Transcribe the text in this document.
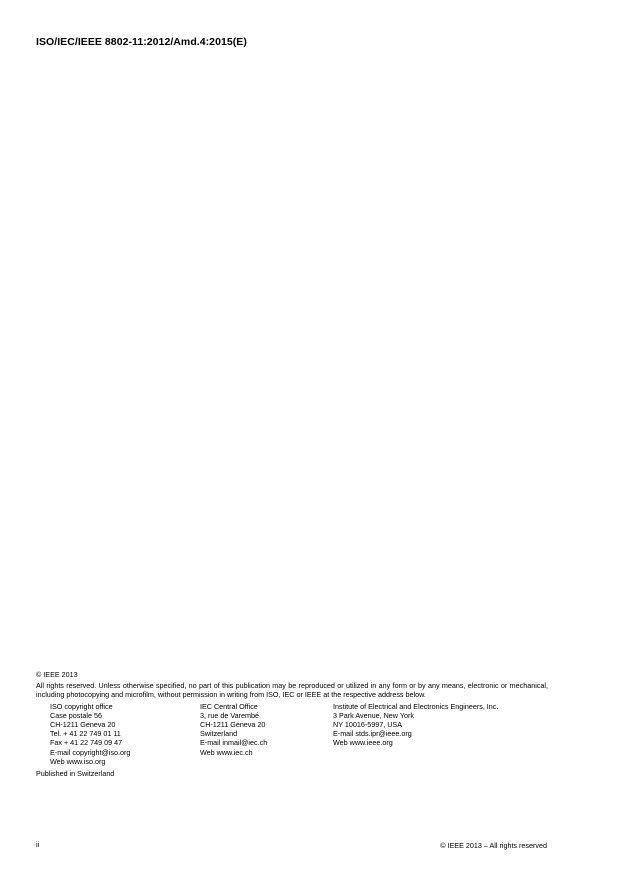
ISO/IEC/IEEE 8802-11:2012/Amd.4:2015(E)
© IEEE 2013
All rights reserved. Unless otherwise specified, no part of this publication may be reproduced or utilized in any form or by any means, electronic or mechanical, including photocopying and microfilm, without permission in writing from ISO, IEC or IEEE at the respective address below.
ISO copyright office
Case postale 56
CH-1211 Geneva 20
Tel. + 41 22 749 01 11
Fax + 41 22 749 09 47
E-mail copyright@iso.org
Web www.iso.org
IEC Central Office
3, rue de Varembé
CH-1211 Geneva 20
Switzerland
E-mail inmail@iec.ch
Web www.iec.ch
Institute of Electrical and Electronics Engineers, Inc.
3 Park Avenue, New York
NY 10016-5997, USA
E-mail stds.ipr@ieee.org
Web www.ieee.org
Published in Switzerland
ii	© IEEE 2013 – All rights reserved
